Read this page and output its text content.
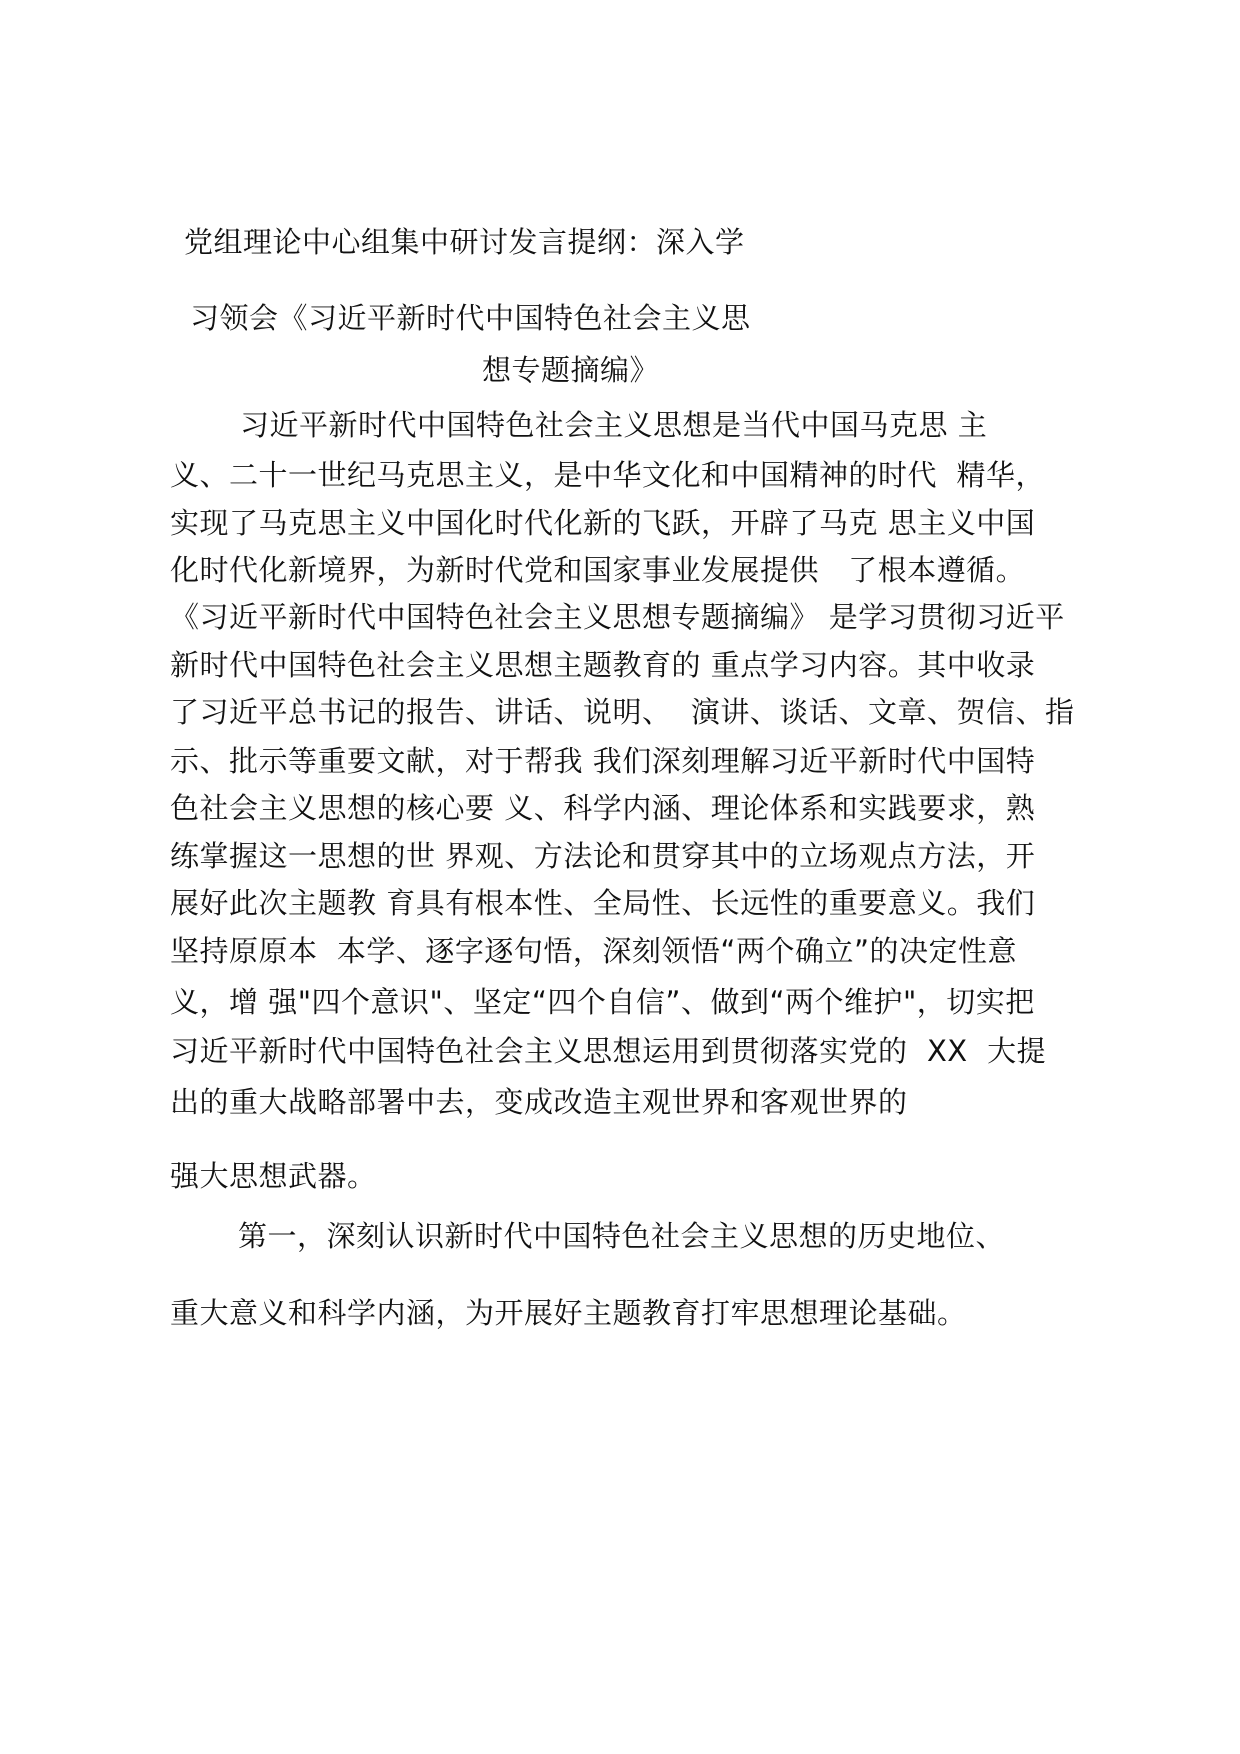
党组理论中心组集中研讨发言提纲：深入学
习领会《习近平新时代中国特色社会主义思
想专题摘编》
习近平新时代中国特色社会主义思想是当代中国马克思 主
义、二十一世纪马克思主义，是中华文化和中国精神的时代  精华，
实现了马克思主义中国化时代化新的飞跃，开辟了马克 思主义中国
化时代化新境界，为新时代党和国家事业发展提供   了根本遵循。
《习近平新时代中国特色社会主义思想专题摘编》 是学习贯彻习近平
新时代中国特色社会主义思想主题教育的 重点学习内容。其中收录
了习近平总书记的报告、讲话、说明、  演讲、谈话、文章、贺信、指
示、批示等重要文献，对于帮我 我们深刻理解习近平新时代中国特
色社会主义思想的核心要 义、科学内涵、理论体系和实践要求，熟
练掌握这一思想的世 界观、方法论和贯穿其中的立场观点方法，开
展好此次主题教 育具有根本性、全局性、长远性的重要意义。我们
坚持原原本  本学、逐字逐句悟，深刻领悟“两个确立”的决定性意
义，增 强"四个意识"、坚定“四个自信”、做到“两个维护"，切实把
习近平新时代中国特色社会主义思想运用到贯彻落实党的  XX  大提
出的重大战略部署中去，变成改造主观世界和客观世界的
强大思想武器。
第一，深刻认识新时代中国特色社会主义思想的历史地位、
重大意义和科学内涵，为开展好主题教育打牢思想理论基础。
